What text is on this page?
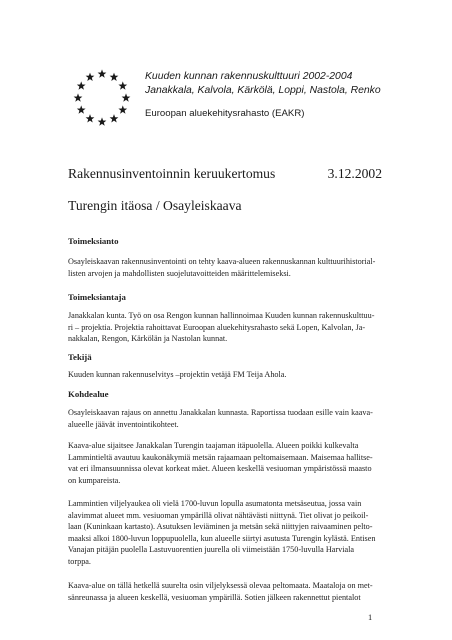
Kuuden kunnan rakennuskulttuuri 2002-2004
Janakkala, Kalvola, Kärkölä, Loppi, Nastola, Renko
Euroopan aluekehitysrahasto (EAKR)
Rakennusinventoinnin keruukertomus	3.12.2002
Turengin itäosa / Osayleiskaava
Toimeksianto
Osayleiskaavan rakennusinventointi on tehty kaava-alueen rakennuskannan kulttuurihistorial-
listen arvojen ja mahdollisten suojelutavoitteiden määrittelemiseksi.
Toimeksiantaja
Janakkalan kunta. Työ on osa Rengon kunnan hallinnoimaa Kuuden kunnan rakennuskulttuu-
ri – projektia. Projektia rahoittavat Euroopan aluekehitysrahasto sekä Lopen, Kalvolan, Ja-
nakkalan, Rengon, Kärkölän ja Nastolan kunnat.
Tekijä
Kuuden kunnan rakennuselvitys –projektin vetäjä FM Teija Ahola.
Kohdealue
Osayleiskaavan rajaus on annettu Janakkalan kunnasta. Raportissa tuodaan esille vain kaava-
alueelle jäävät inventointikohteet.
Kaava-alue sijaitsee Janakkalan Turengin taajaman itäpuolella. Alueen poikki kulkevalta
Lammintieltä avautuu kaukonäkymiä metsän rajaamaan peltomaisemaan. Maisemaa hallitse-
vat eri ilmansuunnissa olevat korkeat mäet. Alueen keskellä vesiuoman ympäristössä maasto
on kumpareista.
Lammintien viljelyaukea oli vielä 1700-luvun lopulla asumatonta metsäseutua, jossa vain
alavimmat alueet mm. vesiuoman ympärillä olivat nähtävästi niittynä. Tiet olivat jo peikoil-
laan (Kuninkaan kartasto). Asutuksen leviäminen ja metsän sekä niittyjen raivaaminen pelto-
maaksi alkoi 1800-luvun loppupuolella, kun alueelle siirtyi asutusta Turengin kylästä. Entisen
Vanajan pitäjän puolella Lastuvuorentien juurella oli viimeistään 1750-luvulla Harviala
torppa.
Kaava-alue on tällä hetkellä suurelta osin viljelyksessä olevaa peltomaata. Maataloja on met-
sänreunassa ja alueen keskellä, vesiuoman ympärillä. Sotien jälkeen rakennettut pientalot
1
